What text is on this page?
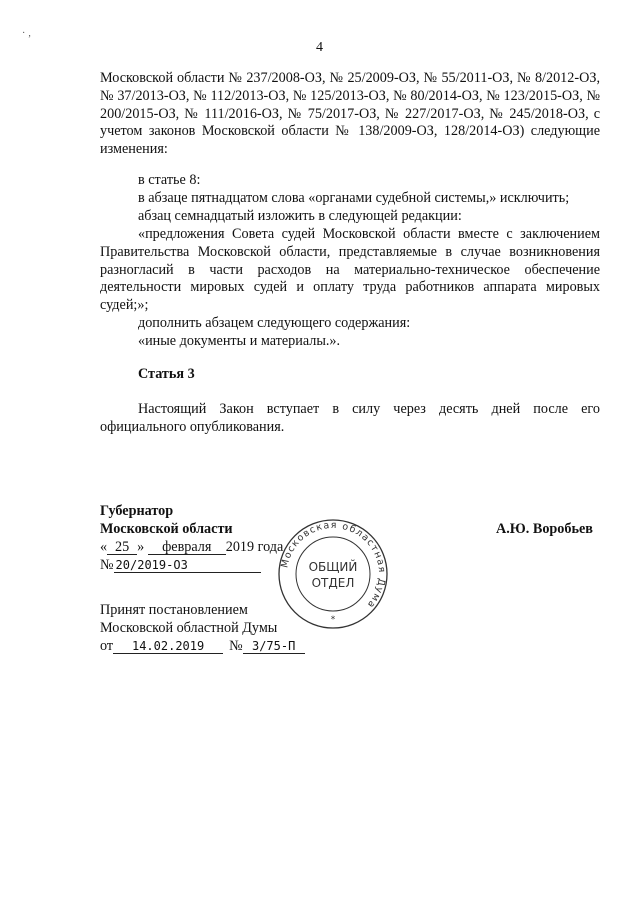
· ‚
4
Московской области № 237/2008-ОЗ, № 25/2009-ОЗ, № 55/2011-ОЗ, № 8/2012-ОЗ, № 37/2013-ОЗ, № 112/2013-ОЗ, № 125/2013-ОЗ, № 80/2014-ОЗ, № 123/2015-ОЗ, № 200/2015-ОЗ, № 111/2016-ОЗ, № 75/2017-ОЗ, № 227/2017-ОЗ, № 245/2018-ОЗ, с учетом законов Московской области № 138/2009-ОЗ, 128/2014-ОЗ) следующие изменения:
в статье 8:
в абзаце пятнадцатом слова «органами судебной системы,» исключить;
абзац семнадцатый изложить в следующей редакции:
«предложения Совета судей Московской области вместе с заключением Правительства Московской области, представляемые в случае возникновения разногласий в части расходов на материально-техническое обеспечение деятельности мировых судей и оплату труда работников аппарата мировых судей;»;
дополнить абзацем следующего содержания:
«иные документы и материалы.».
Статья 3
Настоящий Закон вступает в силу через десять дней после его официального опубликования.
Губернатор
Московской области	А.Ю. Воробьев
« 25 » февраля 2019 года
№ 20/2019-ОЗ
Принят постановлением
Московской областной Думы
от 14.02.2019 № 3/75-П
Московская областная Дума
ОБЩИЙ
ОТДЕЛ
*
